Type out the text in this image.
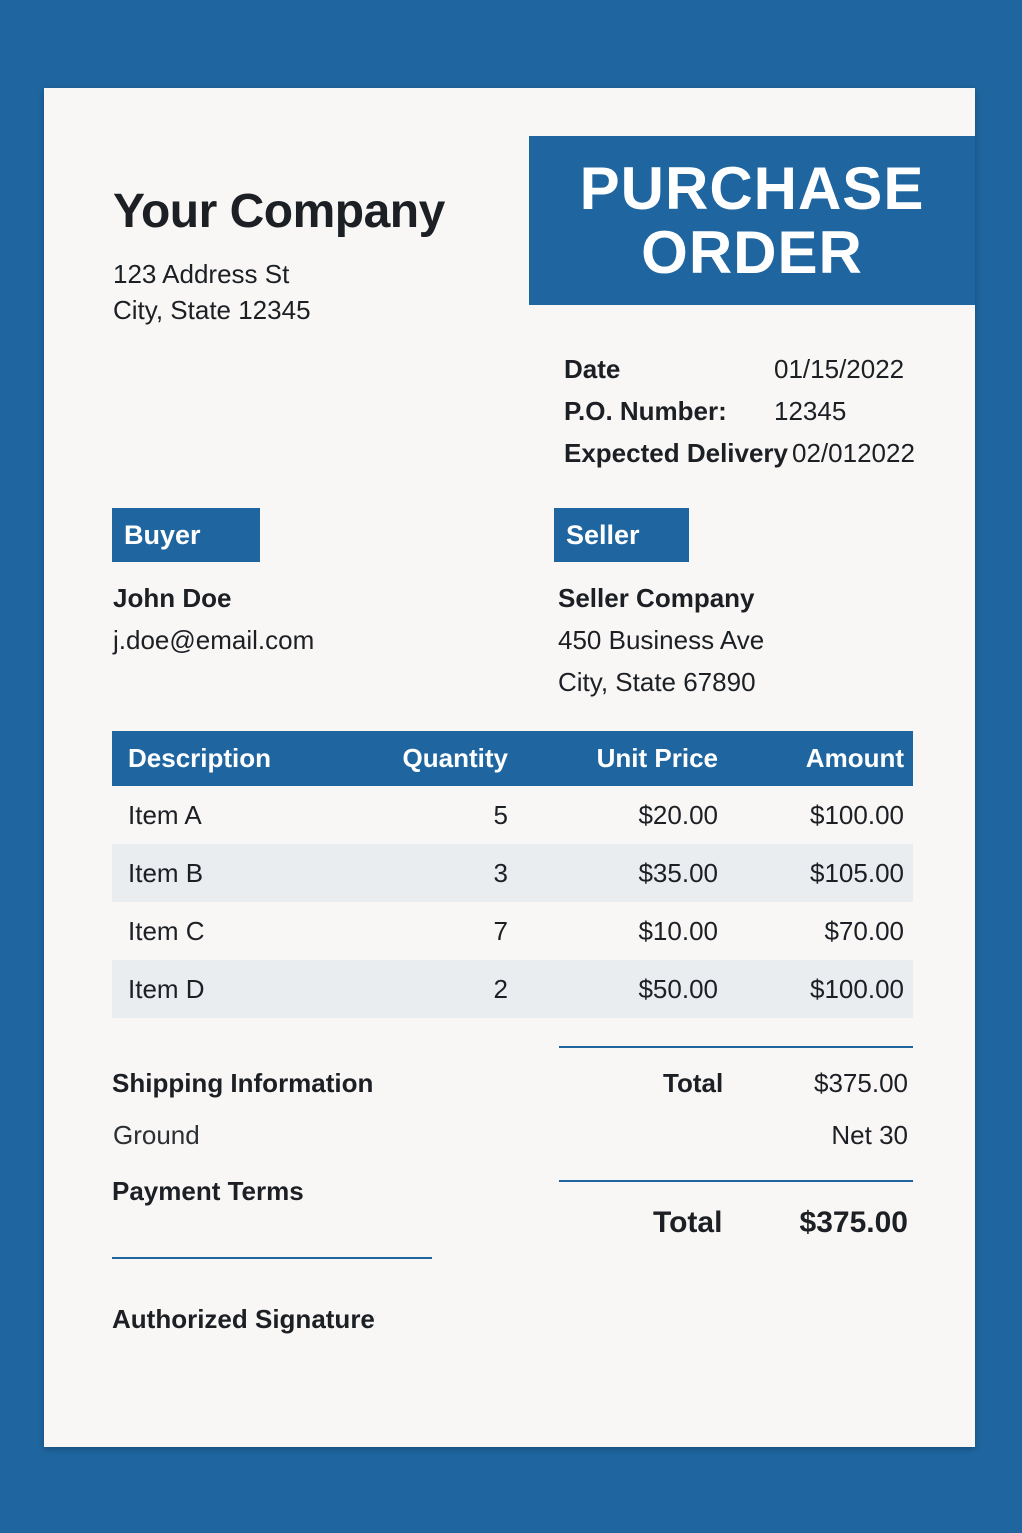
Your Company
123 Address St
City, State 12345
PURCHASE
ORDER
Date	01/15/2022
P.O. Number:	12345
Expected Delivery 02/012022
Buyer
John Doe
j.doe@email.com
Seller
Seller Company
450 Business Ave
City, State 67890
Description	Quantity	Unit Price	Amount
Item A	5	$20.00	$100.00
Item B	3	$35.00	$105.00
Item C	7	$10.00	$70.00
Item D	2	$50.00	$100.00
Shipping Information
Ground
Payment Terms
Total	$375.00
Net 30
Total	$375.00
Authorized Signature
